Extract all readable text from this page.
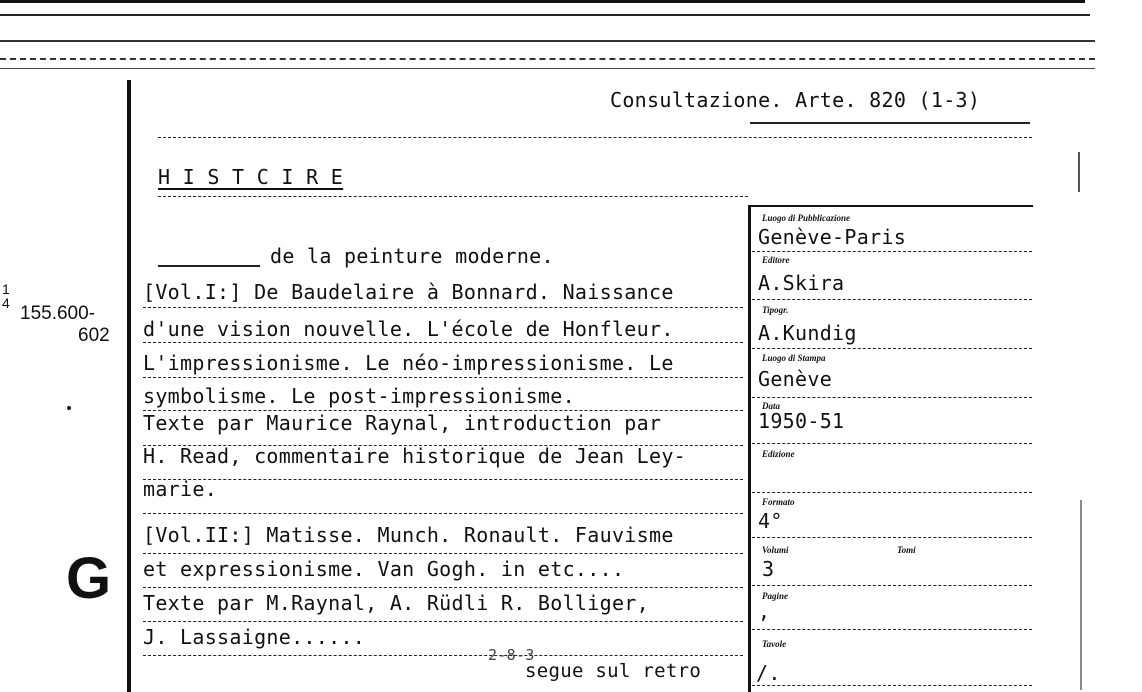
1
4 155.600-
602
G
Consultazione. Arte. 820 (1-3)
H I S T C I R E
de la peinture moderne.
[Vol.I:] De Baudelaire à Bonnard. Naissance
d'une vision nouvelle. L'école de Honfleur.
L'impressionisme. Le néo-impressionisme. Le
symbolisme. Le post-impressionisme.
Texte par Maurice Raynal, introduction par
H. Read, commentaire historique de Jean Ley-
marie.
[Vol.II:] Matisse. Munch. Ronault. Fauvisme
et expressionisme. Van Gogh. in etc....
Texte par M.Raynal, A. Rüdli R. Bolliger,
J. Lassaigne......
2-8-3
segue sul retro
Luogo di Pubblicazione
Genève-Paris
Editore
A.Skira
Tipogr.
A.Kundig
Luogo di Stampa
Genève
Data
1950-51
Edizione
Formato
4°
Volumi	Tomi
3
Pagine
,
Tavole
/.
